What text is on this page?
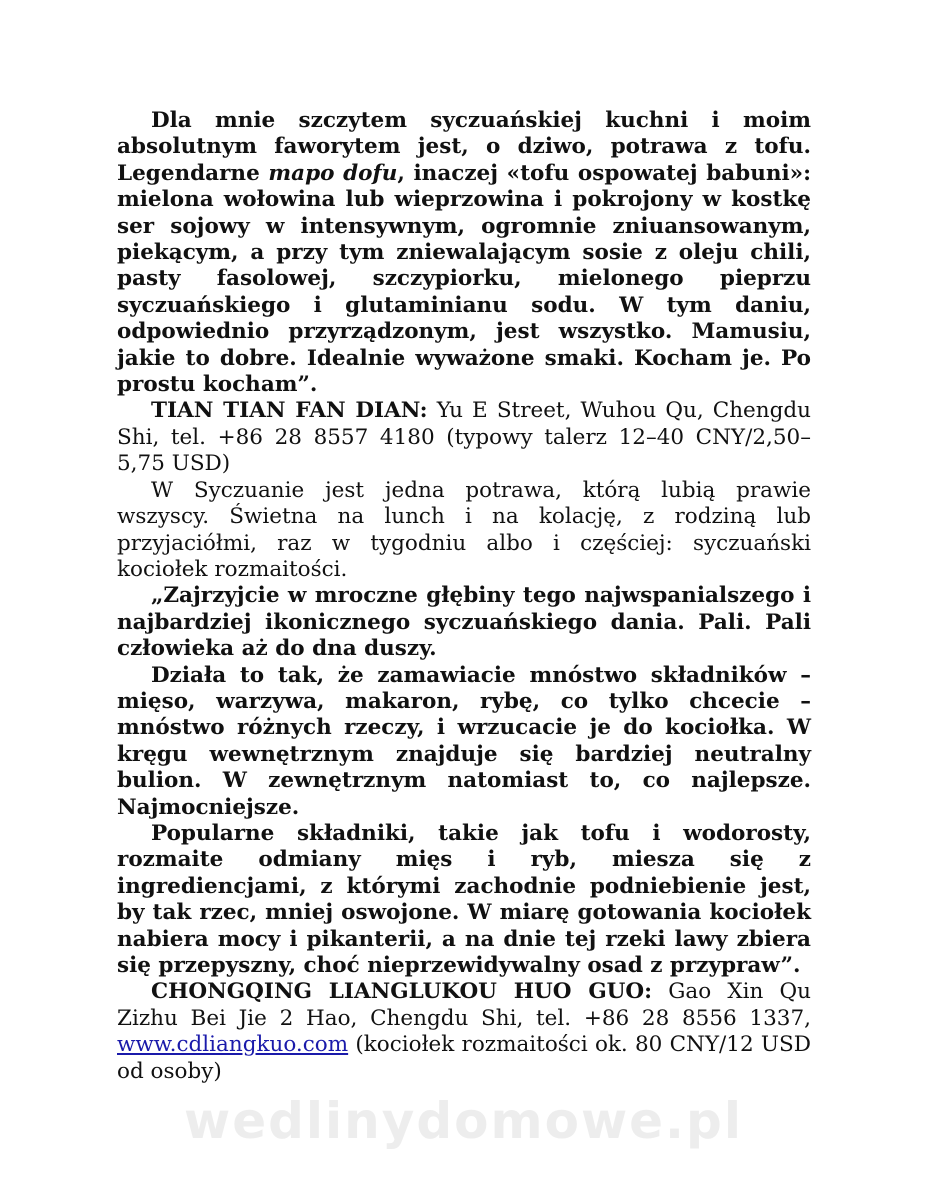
Dla mnie szczytem syczuańskiej kuchni i moim absolutnym faworytem jest, o dziwo, potrawa z tofu. Legendarne mapo dofu, inaczej «tofu ospowatej babuni»: mielona wołowina lub wieprzowina i pokrojony w kostkę ser sojowy w intensywnym, ogromnie zniuansowanym, piekącym, a przy tym zniewalającym sosie z oleju chili, pasty fasolowej, szczypiorku, mielonego pieprzu syczuańskiego i glutaminianu sodu. W tym daniu, odpowiednio przyrządzonym, jest wszystko. Mamusiu, jakie to dobre. Idealnie wyważone smaki. Kocham je. Po prostu kocham”.

TIAN TIAN FAN DIAN: Yu E Street, Wuhou Qu, Chengdu Shi, tel. +86 28 8557 4180 (typowy talerz 12–40 CNY/2,50–5,75 USD)

W Syczuanie jest jedna potrawa, którą lubią prawie wszyscy. Świetna na lunch i na kolację, z rodziną lub przyjaciółmi, raz w tygodniu albo i częściej: syczuański kociołek rozmaitości.

„Zajrzyjcie w mroczne głębiny tego najwspanialszego i najbardziej ikonicznego syczuańskiego dania. Pali. Pali człowieka aż do dna duszy.

Działa to tak, że zamawiacie mnóstwo składników – mięso, warzywa, makaron, rybę, co tylko chcecie – mnóstwo różnych rzeczy, i wrzucacie je do kociołka. W kręgu wewnętrznym znajduje się bardziej neutralny bulion. W zewnętrznym natomiast to, co najlepsze. Najmocniejsze.

Popularne składniki, takie jak tofu i wodorosty, rozmaite odmiany mięs i ryb, miesza się z ingrediencjami, z którymi zachodnie podniebienie jest, by tak rzec, mniej oswojone. W miarę gotowania kociołek nabiera mocy i pikanterii, a na dnie tej rzeki lawy zbiera się przepyszny, choć nieprzewidywalny osad z przypraw”.

CHONGQING LIANGLUKOU HUO GUO: Gao Xin Qu Zizhu Bei Jie 2 Hao, Chengdu Shi, tel. +86 28 8556 1337, www.cdliangkuo.com (kociołek rozmaitości ok. 80 CNY/12 USD od osoby)

wedlinydomowe.pl
